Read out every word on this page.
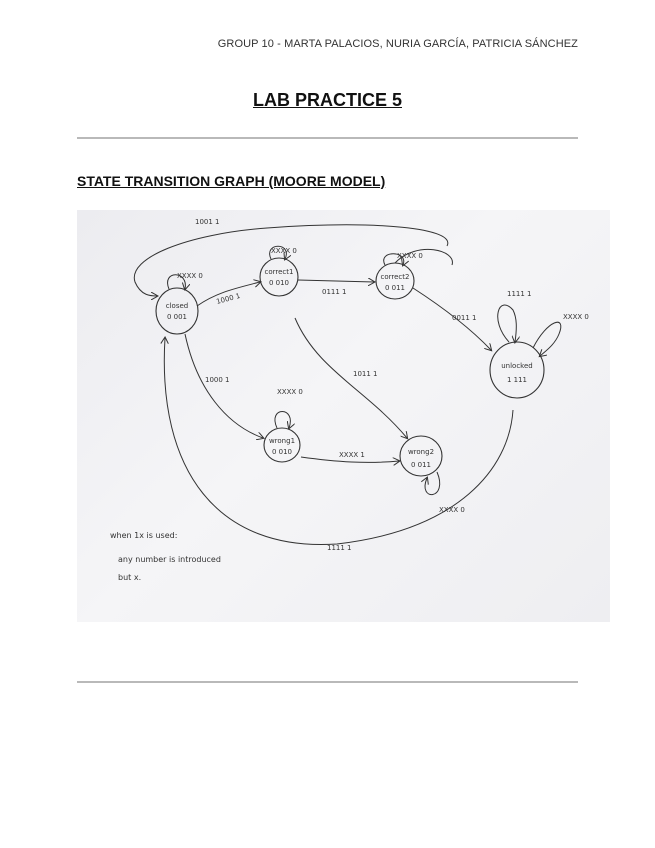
GROUP 10 - MARTA PALACIOS, NURIA GARCÍA, PATRICIA SÁNCHEZ
LAB PRACTICE 5
STATE TRANSITION GRAPH (MOORE MODEL)
closed
0 001
correct1
0 010
correct2
0 011
unlocked
1 111
wrong1
0 010	wrong2
0 011
1001 1
XXXX 0
XXXX 0
XXXX 0
1000 1	0111 1
0011 1
1111 1
XXXX 0
1000 1
XXXX 0
1011 1
XXXX 1
XXXX 0
1111 1
when 1x is used:
any number is introduced
but x.
